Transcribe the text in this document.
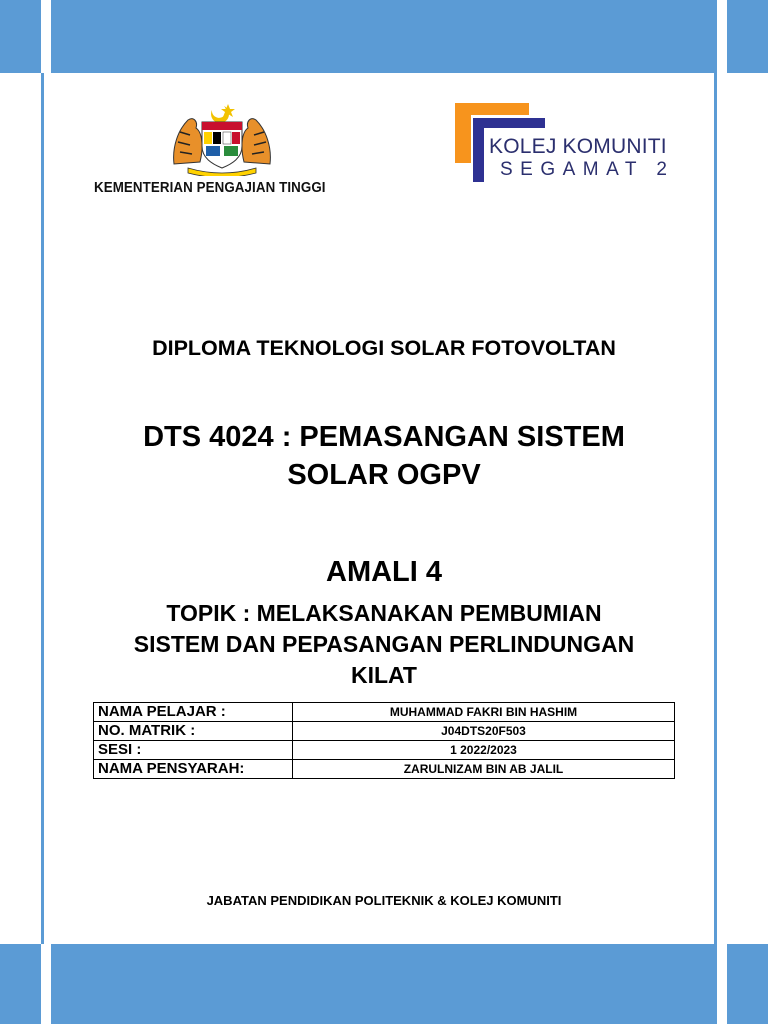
KEMENTERIAN PENGAJIAN TINGGI
KOLEJ KOMUNITI
SEGAMAT 2
DIPLOMA TEKNOLOGI SOLAR FOTOVOLTAN
DTS 4024 : PEMASANGAN SISTEM
SOLAR OGPV
AMALI 4
TOPIK : MELAKSANAKAN PEMBUMIAN
SISTEM DAN PEPASANGAN PERLINDUNGAN
KILAT
NAMA PELAJAR :	MUHAMMAD FAKRI BIN HASHIM
NO. MATRIK :	J04DTS20F503
SESI :	1 2022/2023
NAMA PENSYARAH:	ZARULNIZAM BIN AB JALIL
JABATAN PENDIDIKAN POLITEKNIK & KOLEJ KOMUNITI
